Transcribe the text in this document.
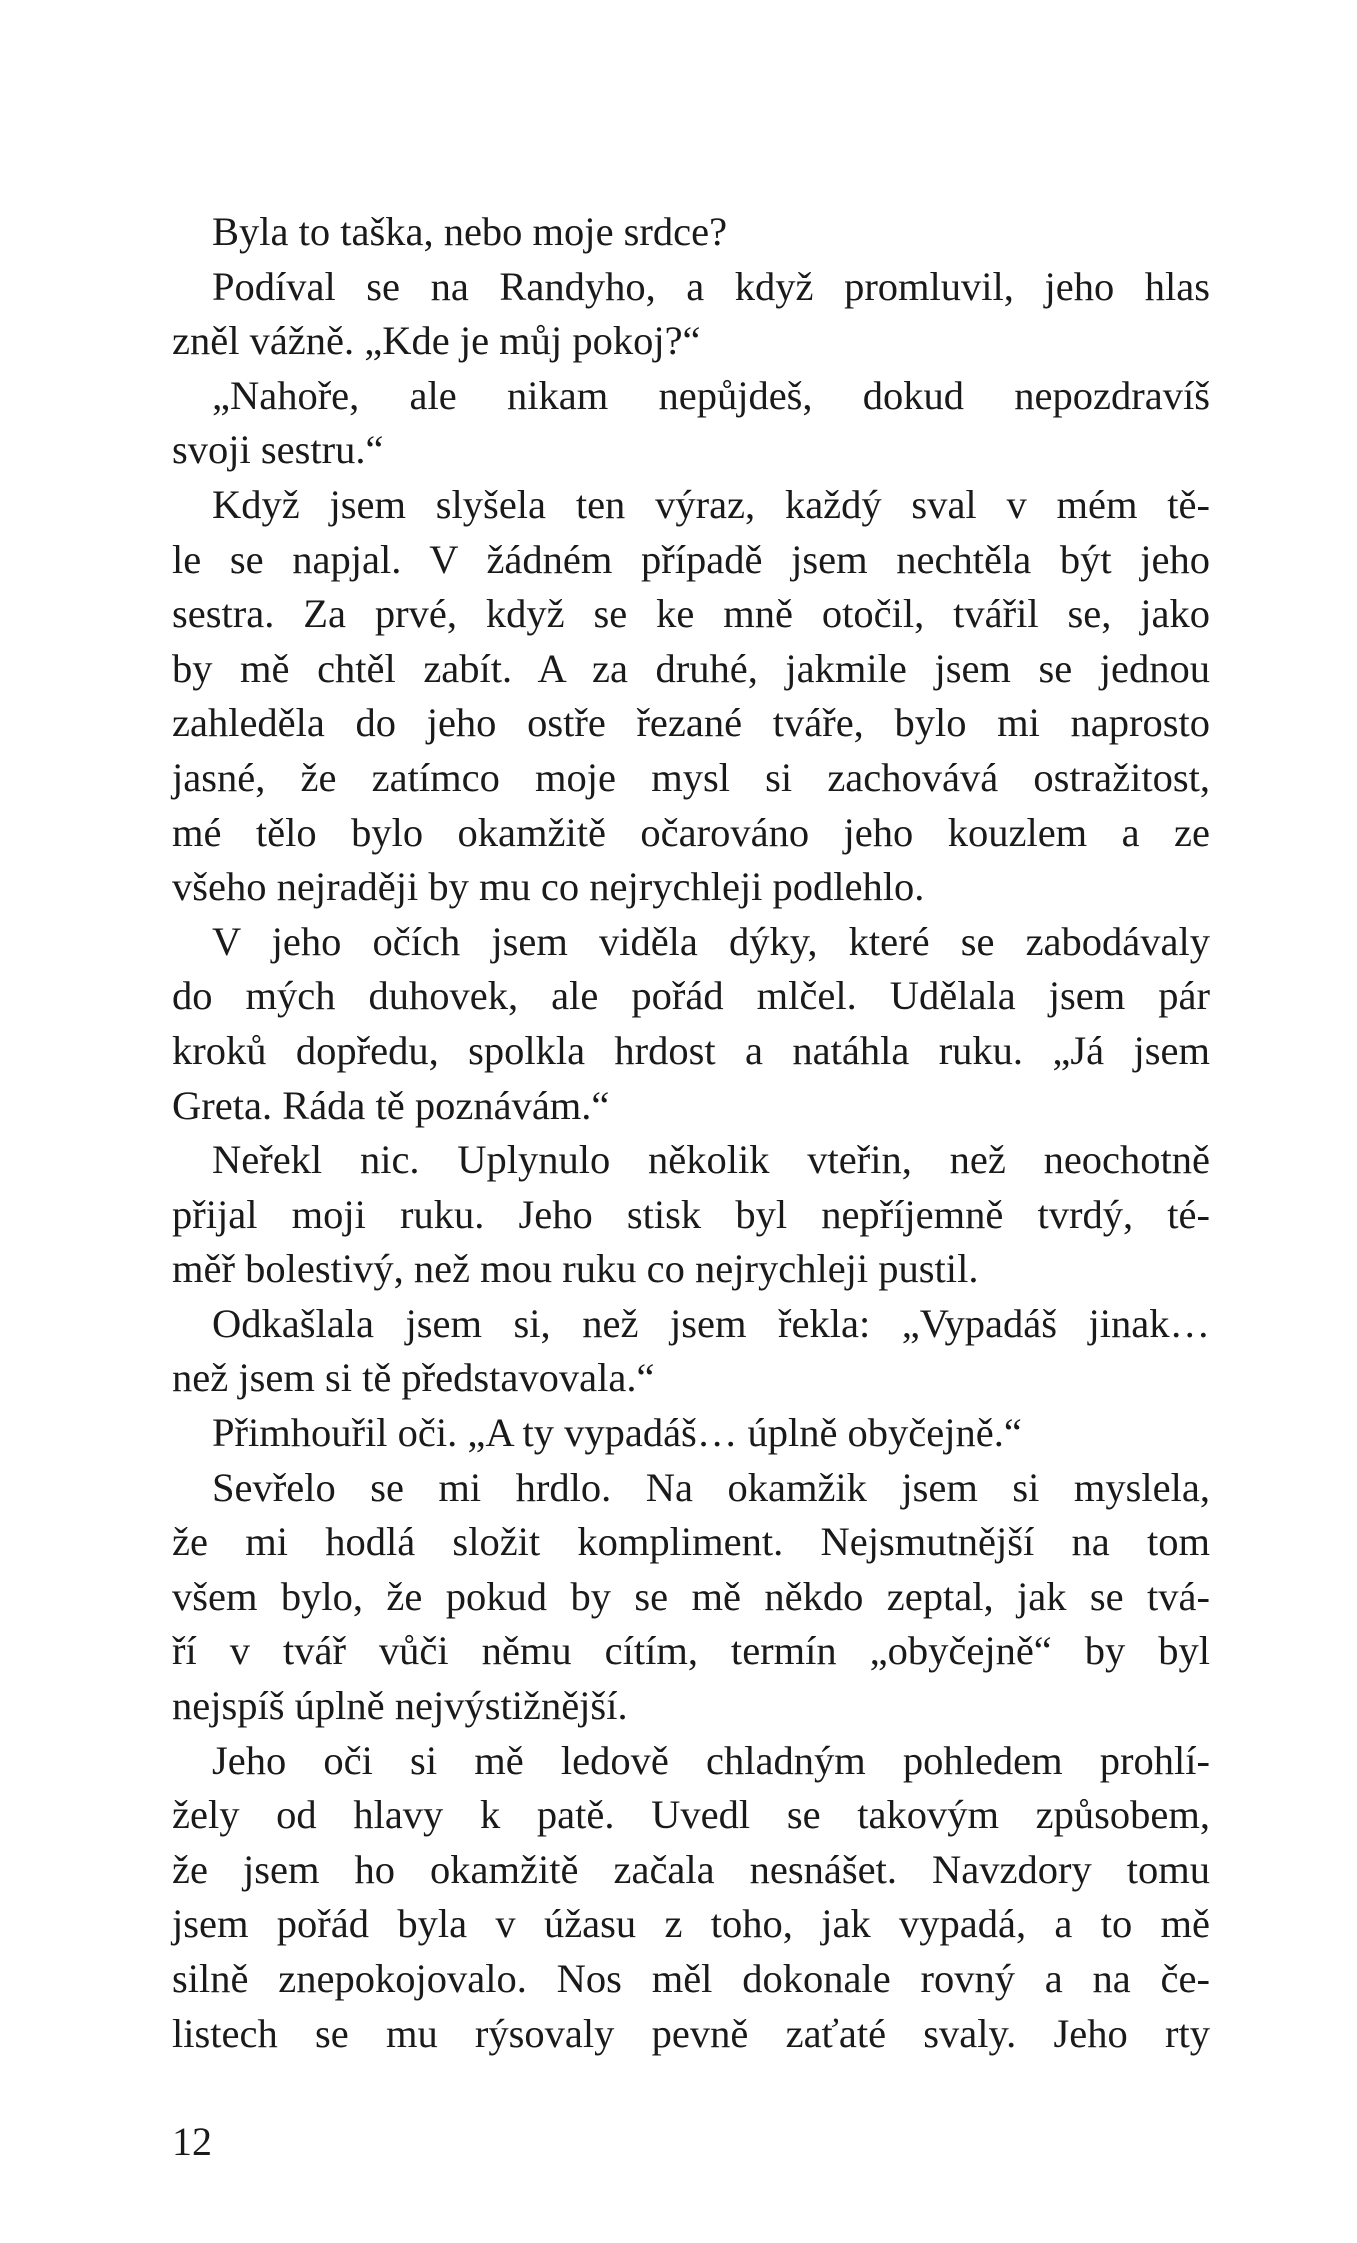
Byla to taška, nebo moje srdce?
Podíval se na Randyho, a když promluvil, jeho hlas
zněl vážně. „Kde je můj pokoj?“
„Nahoře, ale nikam nepůjdeš, dokud nepozdravíš
svoji sestru.“
Když jsem slyšela ten výraz, každý sval v mém tě-
le se napjal. V žádném případě jsem nechtěla být jeho
sestra. Za prvé, když se ke mně otočil, tvářil se, jako
by mě chtěl zabít. A za druhé, jakmile jsem se jednou
zahleděla do jeho ostře řezané tváře, bylo mi naprosto
jasné, že zatímco moje mysl si zachovává ostražitost,
mé tělo bylo okamžitě očarováno jeho kouzlem a ze
všeho nejraději by mu co nejrychleji podlehlo.
V jeho očích jsem viděla dýky, které se zabodávaly
do mých duhovek, ale pořád mlčel. Udělala jsem pár
kroků dopředu, spolkla hrdost a natáhla ruku. „Já jsem
Greta. Ráda tě poznávám.“
Neřekl nic. Uplynulo několik vteřin, než neochotně
přijal moji ruku. Jeho stisk byl nepříjemně tvrdý, té-
měř bolestivý, než mou ruku co nejrychleji pustil.
Odkašlala jsem si, než jsem řekla: „Vypadáš jinak…
než jsem si tě představovala.“
Přimhouřil oči. „A ty vypadáš… úplně obyčejně.“
Sevřelo se mi hrdlo. Na okamžik jsem si myslela,
že mi hodlá složit kompliment. Nejsmutnější na tom
všem bylo, že pokud by se mě někdo zeptal, jak se tvá-
ří v tvář vůči němu cítím, termín „obyčejně“ by byl
nejspíš úplně nejvýstižnější.
Jeho oči si mě ledově chladným pohledem prohlí-
žely od hlavy k patě. Uvedl se takovým způsobem,
že jsem ho okamžitě začala nesnášet. Navzdory tomu
jsem pořád byla v úžasu z toho, jak vypadá, a to mě
silně znepokojovalo. Nos měl dokonale rovný a na če-
listech se mu rýsovaly pevně zaťaté svaly. Jeho rty
12
